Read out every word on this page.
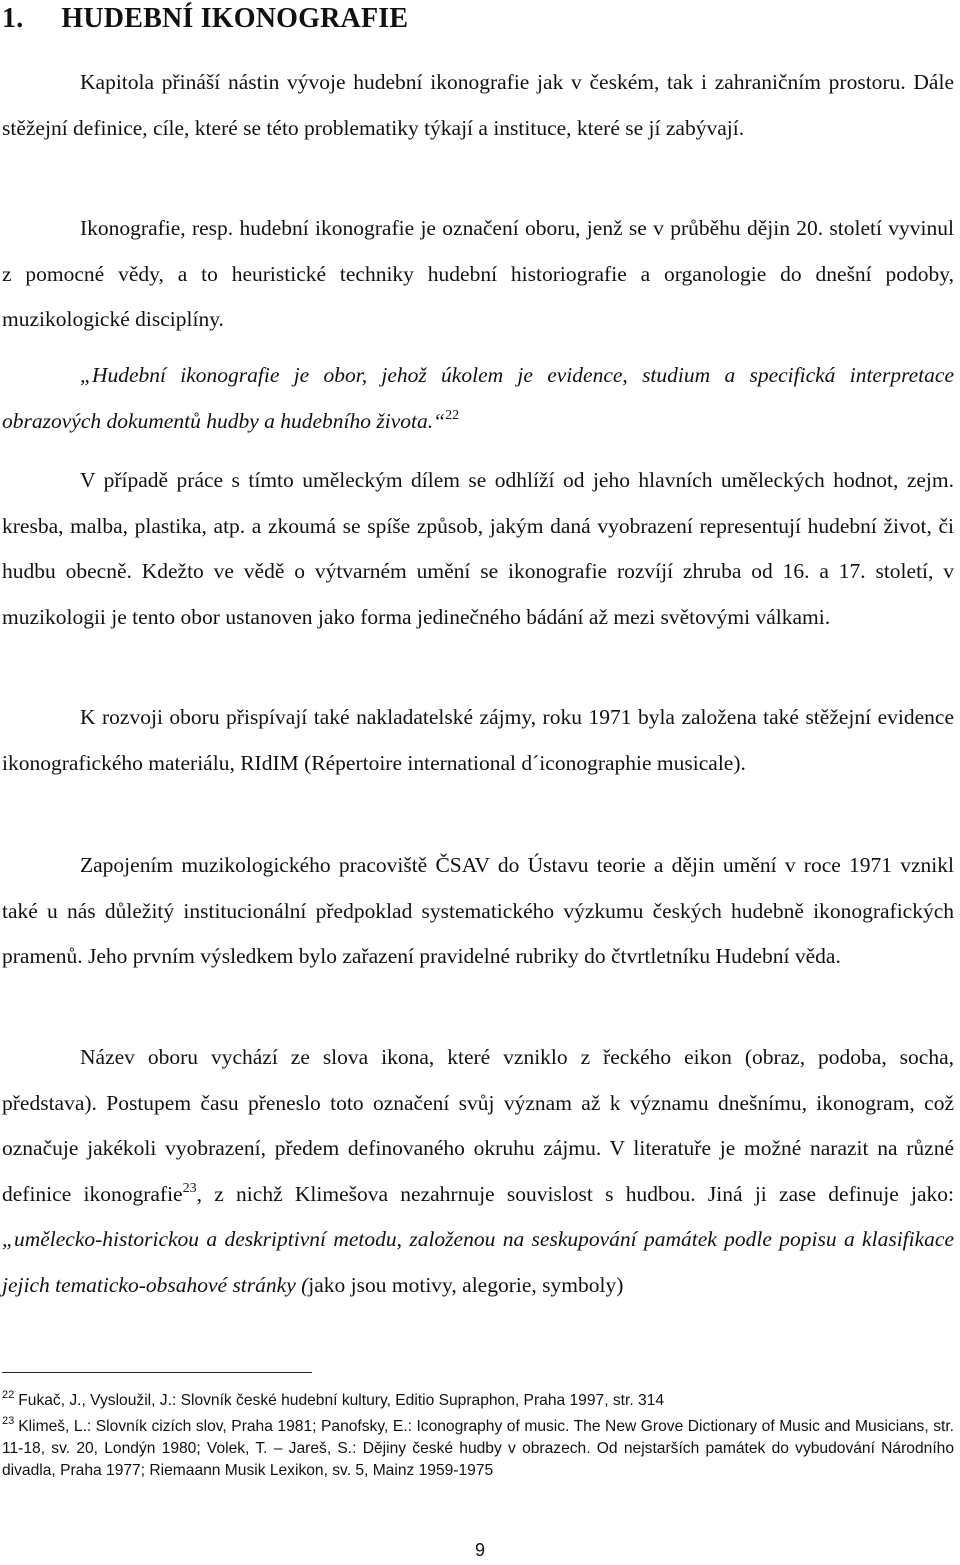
1. HUDEBNÍ IKONOGRAFIE

Kapitola přináší nástin vývoje hudební ikonografie jak v českém, tak i zahraničním prostoru. Dále stěžejní definice, cíle, které se této problematiky týkají a instituce, které se jí zabývají.

Ikonografie, resp. hudební ikonografie je označení oboru, jenž se v průběhu dějin 20. století vyvinul z pomocné vědy, a to heuristické techniky hudební historiografie a organologie do dnešní podoby, muzikologické disciplíny.

„Hudební ikonografie je obor, jehož úkolem je evidence, studium a specifická interpretace obrazových dokumentů hudby a hudebního života.“$^{22}$

V případě práce s tímto uměleckým dílem se odhlíží od jeho hlavních uměleckých hodnot, zejm. kresba, malba, plastika, atp. a zkoumá se spíše způsob, jakým daná vyobrazení representují hudební život, či hudbu obecně. Kdežto ve vědě o výtvarném umění se ikonografie rozvíjí zhruba od 16. a 17. století, v muzikologii je tento obor ustanoven jako forma jedinečného bádání až mezi světovými válkami.

K rozvoji oboru přispívají také nakladatelské zájmy, roku 1971 byla založena také stěžejní evidence ikonografického materiálu, RIdIM (Répertoire international d´iconographie musicale).

Zapojením muzikologického pracoviště ČSAV do Ústavu teorie a dějin umění v roce 1971 vznikl také u nás důležitý institucionální předpoklad systematického výzkumu českých hudebně ikonografických pramenů. Jeho prvním výsledkem bylo zařazení pravidelné rubriky do čtvrtletníku Hudební věda.

Název oboru vychází ze slova ikona, které vzniklo z řeckého eikon (obraz, podoba, socha, představa). Postupem času přeneslo toto označení svůj význam až k významu dnešnímu, ikonogram, což označuje jakékoli vyobrazení, předem definovaného okruhu zájmu. V literatuře je možné narazit na různé definice ikonografie$^{23}$, z nichž Klimešova nezahrnuje souvislost s hudbou. Jiná ji zase definuje jako: „umělecko-historickou a deskriptivní metodu, založenou na seskupování památek podle popisu a klasifikace jejich tematicko-obsahové stránky (jako jsou motivy, alegorie, symboly)

$^{22}$ Fukač, J., Vysloužil, J.: Slovník české hudební kultury, Editio Supraphon, Praha 1997, str. 314

$^{23}$ Klimeš, L.: Slovník cizích slov, Praha 1981; Panofsky, E.: Iconography of music. The New Grove Dictionary of Music and Musicians, str. 11-18, sv. 20, Londýn 1980; Volek, T. – Jareš, S.: Dějiny české hudby v obrazech. Od nejstarších památek do vybudování Národního divadla, Praha 1977; Riemaann Musik Lexikon, sv. 5, Mainz 1959-1975

9
